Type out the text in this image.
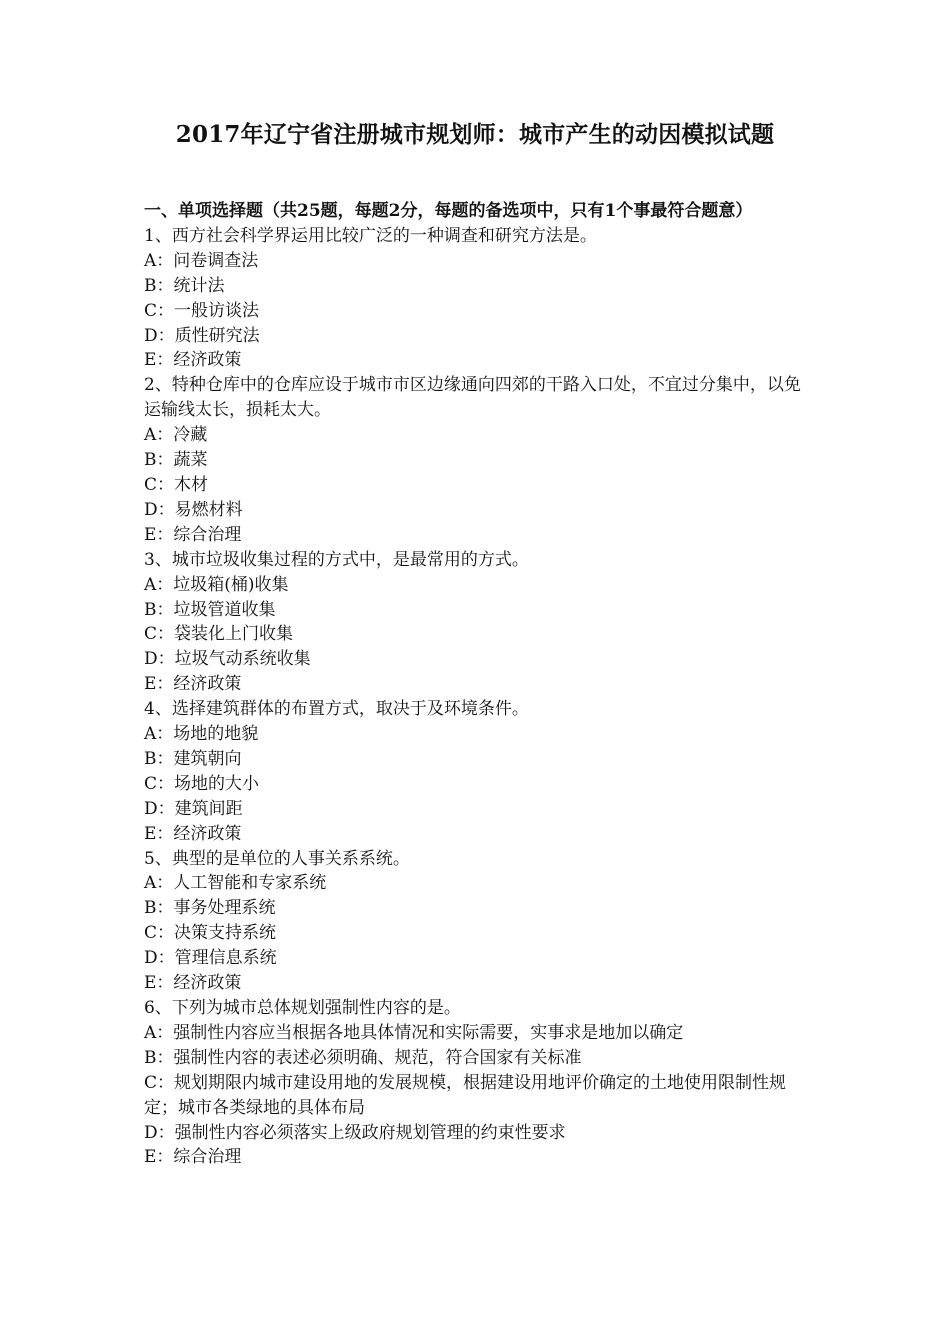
2017年辽宁省注册城市规划师：城市产生的动因模拟试题
一、单项选择题（共25题，每题2分，每题的备选项中，只有1个事最符合题意）
1、西方社会科学界运用比较广泛的一种调查和研究方法是。
A：问卷调查法
B：统计法
C：一般访谈法
D：质性研究法
E：经济政策
2、特种仓库中的仓库应设于城市市区边缘通向四郊的干路入口处，不宜过分集中，以免运输线太长，损耗太大。
A：冷藏
B：蔬菜
C：木材
D：易燃材料
E：综合治理
3、城市垃圾收集过程的方式中，是最常用的方式。
A：垃圾箱(桶)收集
B：垃圾管道收集
C：袋装化上门收集
D：垃圾气动系统收集
E：经济政策
4、选择建筑群体的布置方式，取决于及环境条件。
A：场地的地貌
B：建筑朝向
C：场地的大小
D：建筑间距
E：经济政策
5、典型的是单位的人事关系系统。
A：人工智能和专家系统
B：事务处理系统
C：决策支持系统
D：管理信息系统
E：经济政策
6、下列为城市总体规划强制性内容的是。
A：强制性内容应当根据各地具体情况和实际需要，实事求是地加以确定
B：强制性内容的表述必须明确、规范，符合国家有关标准
C：规划期限内城市建设用地的发展规模，根据建设用地评价确定的土地使用限制性规定；城市各类绿地的具体布局
D：强制性内容必须落实上级政府规划管理的约束性要求
E：综合治理
